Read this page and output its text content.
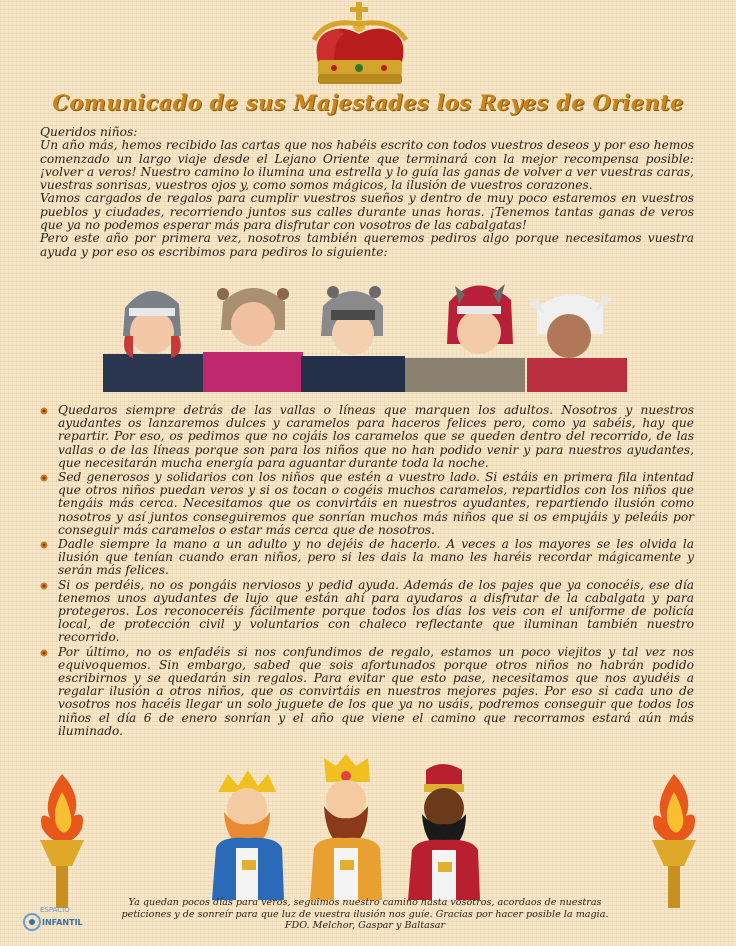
Comunicado de sus Majestades los Reyes de Oriente

Queridos niños:

Un año más, hemos recibido las cartas que nos habéis escrito con todos vuestros deseos y por eso hemos comenzado un largo viaje desde el Lejano Oriente que terminará con la mejor recompensa posible: ¡volver a veros! Nuestro camino lo ilumina una estrella y lo guía las ganas de volver a ver vuestras caras, vuestras sonrisas, vuestros ojos y, como somos mágicos, la ilusión de vuestros corazones.

Vamos cargados de regalos para cumplir vuestros sueños y dentro de muy poco estaremos en vuestros pueblos y ciudades, recorriendo juntos sus calles durante unas horas. ¡Tenemos tantas ganas de veros que ya no podemos esperar más para disfrutar con vosotros de las cabalgatas!

Pero este año por primera vez, nosotros también queremos pediros algo porque necesitamos vuestra ayuda y por eso os escribimos para pediros lo siguiente:

Quedaros siempre detrás de las vallas o líneas que marquen los adultos. Nosotros y nuestros ayudantes os lanzaremos dulces y caramelos para haceros felices pero, como ya sabéis, hay que repartir. Por eso, os pedimos que no cojáis los caramelos que se queden dentro del recorrido, de las vallas o de las líneas porque son para los niños que no han podido venir y para nuestros ayudantes, que necesitarán mucha energía para aguantar durante toda la noche.
Sed generosos y solidarios con los niños que estén a vuestro lado. Si estáis en primera fila intentad que otros niños puedan veros y si os tocan o cogéis muchos caramelos, repartidlos con los niños que tengáis más cerca. Necesitamos que os convirtáis en nuestros ayudantes, repartiendo ilusión como nosotros y así juntos conseguiremos que sonrían muchos más niños que si os empujáis y peleáis por conseguir más caramelos o estar más cerca que de nosotros.
Dadle siempre la mano a un adulto y no dejéis de hacerlo. A veces a los mayores se les olvida la ilusión que tenían cuando eran niños, pero si les dais la mano les haréis recordar mágicamente y serán más felices.
Si os perdéis, no os pongáis nerviosos y pedid ayuda. Además de los pajes que ya conocéis, ese día tenemos unos ayudantes de lujo que están ahí para ayudaros a disfrutar de la cabalgata y para protegeros. Los reconoceréis fácilmente porque todos los días los veis con el uniforme de policía local, de protección civil y voluntarios con chaleco reflectante que iluminan también nuestro recorrido.
Por último, no os enfadéis si nos confundimos de regalo, estamos un poco viejitos y tal vez nos equivoquemos. Sin embargo, sabed que sois afortunados porque otros niños no habrán podido escribirnos y se quedarán sin regalos. Para evitar que esto pase, necesitamos que nos ayudéis a regalar ilusión a otros niños, que os convirtáis en nuestros mejores pajes. Por eso si cada uno de vosotros nos hacéis llegar un solo juguete de los que ya no usáis, podremos conseguir que todos los niños el día 6 de enero sonrían y el año que viene el camino que recorramos estará aún más iluminado.

Ya quedan pocos días para veros, seguimos nuestro camino hasta vosotros, acordaos de nuestras peticiones y de sonreír para que luz de vuestra ilusión nos guíe. Gracias por hacer posible la magia.

FDO. Melchor, Gaspar y Baltasar

ESPACIO
INFANTIL
